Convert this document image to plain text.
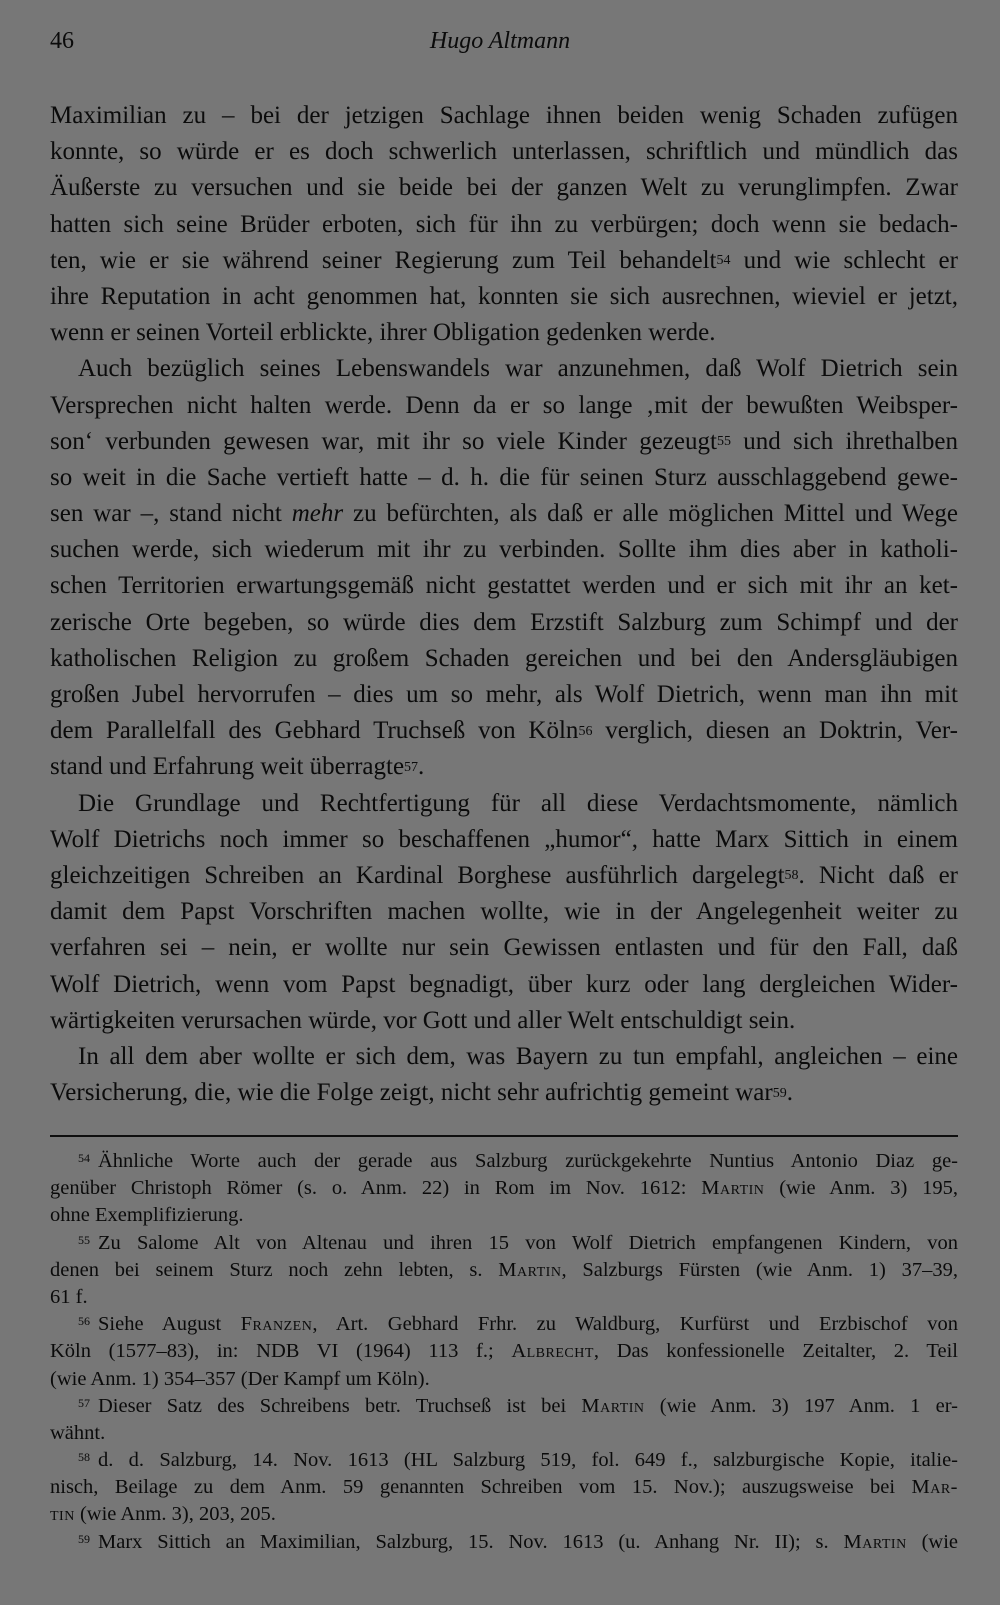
46	Hugo Altmann
Maximilian zu – bei der jetzigen Sachlage ihnen beiden wenig Schaden zufügen
konnte, so würde er es doch schwerlich unterlassen, schriftlich und mündlich das
Äußerste zu versuchen und sie beide bei der ganzen Welt zu verunglimpfen. Zwar
hatten sich seine Brüder erboten, sich für ihn zu verbürgen; doch wenn sie bedach-
ten, wie er sie während seiner Regierung zum Teil behandelt$^{54}$ und wie schlecht er
ihre Reputation in acht genommen hat, konnten sie sich ausrechnen, wieviel er jetzt,
wenn er seinen Vorteil erblickte, ihrer Obligation gedenken werde.
Auch bezüglich seines Lebenswandels war anzunehmen, daß Wolf Dietrich sein
Versprechen nicht halten werde. Denn da er so lange ‚mit der bewußten Weibsper-
son‘ verbunden gewesen war, mit ihr so viele Kinder gezeugt$^{55}$ und sich ihrethalben
so weit in die Sache vertieft hatte – d. h. die für seinen Sturz ausschlaggebend gewe-
sen war –, stand nicht mehr zu befürchten, als daß er alle möglichen Mittel und Wege
suchen werde, sich wiederum mit ihr zu verbinden. Sollte ihm dies aber in katholi-
schen Territorien erwartungsgemäß nicht gestattet werden und er sich mit ihr an ket-
zerische Orte begeben, so würde dies dem Erzstift Salzburg zum Schimpf und der
katholischen Religion zu großem Schaden gereichen und bei den Andersgläubigen
großen Jubel hervorrufen – dies um so mehr, als Wolf Dietrich, wenn man ihn mit
dem Parallelfall des Gebhard Truchseß von Köln$^{56}$ verglich, diesen an Doktrin, Ver-
stand und Erfahrung weit überragte$^{57}$.
Die Grundlage und Rechtfertigung für all diese Verdachtsmomente, nämlich
Wolf Dietrichs noch immer so beschaffenen „humor“, hatte Marx Sittich in einem
gleichzeitigen Schreiben an Kardinal Borghese ausführlich dargelegt$^{58}$. Nicht daß er
damit dem Papst Vorschriften machen wollte, wie in der Angelegenheit weiter zu
verfahren sei – nein, er wollte nur sein Gewissen entlasten und für den Fall, daß
Wolf Dietrich, wenn vom Papst begnadigt, über kurz oder lang dergleichen Wider-
wärtigkeiten verursachen würde, vor Gott und aller Welt entschuldigt sein.
In all dem aber wollte er sich dem, was Bayern zu tun empfahl, angleichen – eine
Versicherung, die, wie die Folge zeigt, nicht sehr aufrichtig gemeint war$^{59}$.
$^{54}$ Ähnliche Worte auch der gerade aus Salzburg zurückgekehrte Nuntius Antonio Diaz ge-
genüber Christoph Römer (s. o. Anm. 22) in Rom im Nov. 1612: Martin (wie Anm. 3) 195,
ohne Exemplifizierung.
$^{55}$ Zu Salome Alt von Altenau und ihren 15 von Wolf Dietrich empfangenen Kindern, von
denen bei seinem Sturz noch zehn lebten, s. Martin, Salzburgs Fürsten (wie Anm. 1) 37–39,
61 f.
$^{56}$ Siehe August Franzen, Art. Gebhard Frhr. zu Waldburg, Kurfürst und Erzbischof von
Köln (1577–83), in: NDB VI (1964) 113 f.; Albrecht, Das konfessionelle Zeitalter, 2. Teil
(wie Anm. 1) 354–357 (Der Kampf um Köln).
$^{57}$ Dieser Satz des Schreibens betr. Truchseß ist bei Martin (wie Anm. 3) 197 Anm. 1 er-
wähnt.
$^{58}$ d. d. Salzburg, 14. Nov. 1613 (HL Salzburg 519, fol. 649 f., salzburgische Kopie, italie-
nisch, Beilage zu dem Anm. 59 genannten Schreiben vom 15. Nov.); auszugsweise bei Mar-
tin (wie Anm. 3), 203, 205.
$^{59}$ Marx Sittich an Maximilian, Salzburg, 15. Nov. 1613 (u. Anhang Nr. II); s. Martin (wie
